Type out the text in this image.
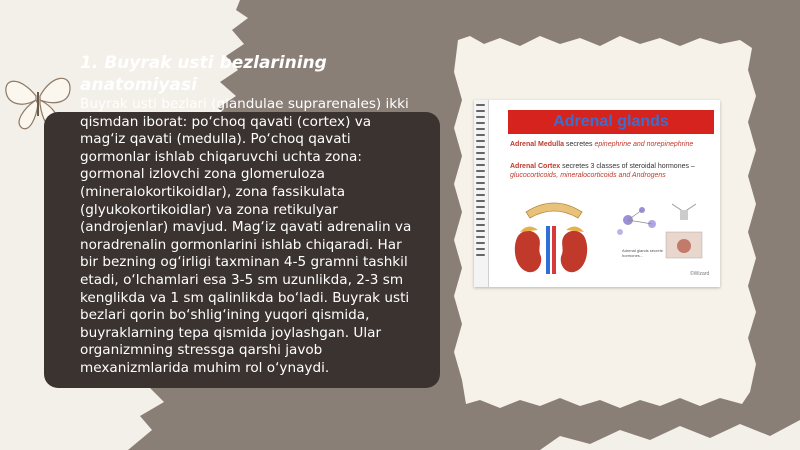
1. Buyrak usti bezlarining anatomiyasi
Buyrak usti bezlari (glandulae suprarenales) ikki qismdan iborat: po‘choq qavati (cortex) va mag‘iz qavati (medulla). Po‘choq qavati gormonlar ishlab chiqaruvchi uchta zona: gormonal izlovchi zona glomeruloza (mineralokortikoidlar), zona fassikulata (glyukokortikoidlar) va zona retikulyar (androjenlar) mavjud. Mag‘iz qavati adrenalin va noradrenalin gormonlarini ishlab chiqaradi. Har bir bezning og‘irligi taxminan 4-5 gramni tashkil etadi, o‘lchamlari esa 3-5 sm uzunlikda, 2-3 sm kenglikda va 1 sm qalinlikda bo‘ladi. Buyrak usti bezlari qorin bo‘shlig‘ining yuqori qismida, buyraklarning tepa qismida joylashgan. Ular organizmning stressga qarshi javob mexanizmlarida muhim rol o‘ynaydi.
Adrenal glands
Adrenal Medulla secretes epinephrine and norepinephrine
Adrenal Cortex secretes 3 classes of steroidal hormones – glucocorticoids, mineralocorticoids and Androgens
Adrenal glands secrete hormones...
©Wizard
